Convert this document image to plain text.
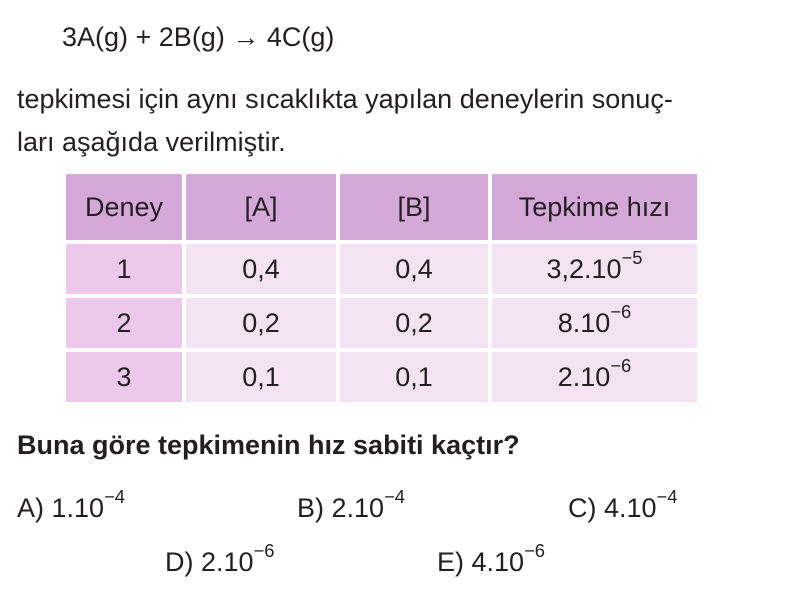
3A(g) + 2B(g) → 4C(g)

tepkimesi için aynı sıcaklıkta yapılan deneylerin sonuç-
ları aşağıda verilmiştir.

Deney	[A]	[B]	Tepkime hızı
1	0,4	0,4	$3,2.10^{-5}$
2	0,2	0,2	$8.10^{-6}$
3	0,1	0,1	$2.10^{-6}$

Buna göre tepkimenin hız sabiti kaçtır?

A) $1.10^{-4}$	B) $2.10^{-4}$	C) $4.10^{-4}$
D) $2.10^{-6}$	E) $4.10^{-6}$
